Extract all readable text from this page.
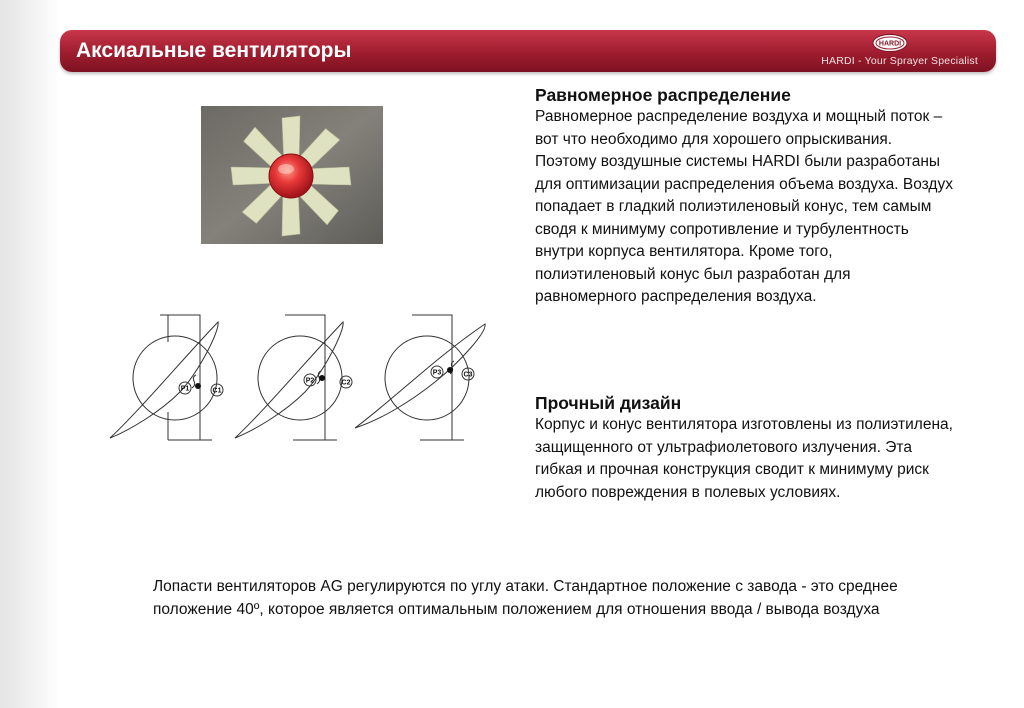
Аксиальные вентиляторы	HARDI
HARDI - Your Sprayer Specialist
P1	C1
P2	C2
P3	C3
Равномерное распределение

Равномерное распределение воздуха и мощный поток – вот что необходимо для хорошего опрыскивания. Поэтому воздушные системы HARDI были разработаны для оптимизации распределения объема воздуха. Воздух попадает в гладкий полиэтиленовый конус, тем самым сводя к минимуму сопротивление и турбулентность внутри корпуса вентилятора. Кроме того, полиэтиленовый конус был разработан для равномерного распределения воздуха.

Прочный дизайн

Корпус и конус вентилятора изготовлены из полиэтилена, защищенного от ультрафиолетового излучения. Эта гибкая и прочная конструкция сводит к минимуму риск любого повреждения в полевых условиях.

Лопасти вентиляторов AG регулируются по углу атаки. Стандартное положение с завода - это среднее положение 40º, которое является оптимальным положением для отношения ввода / вывода воздуха
